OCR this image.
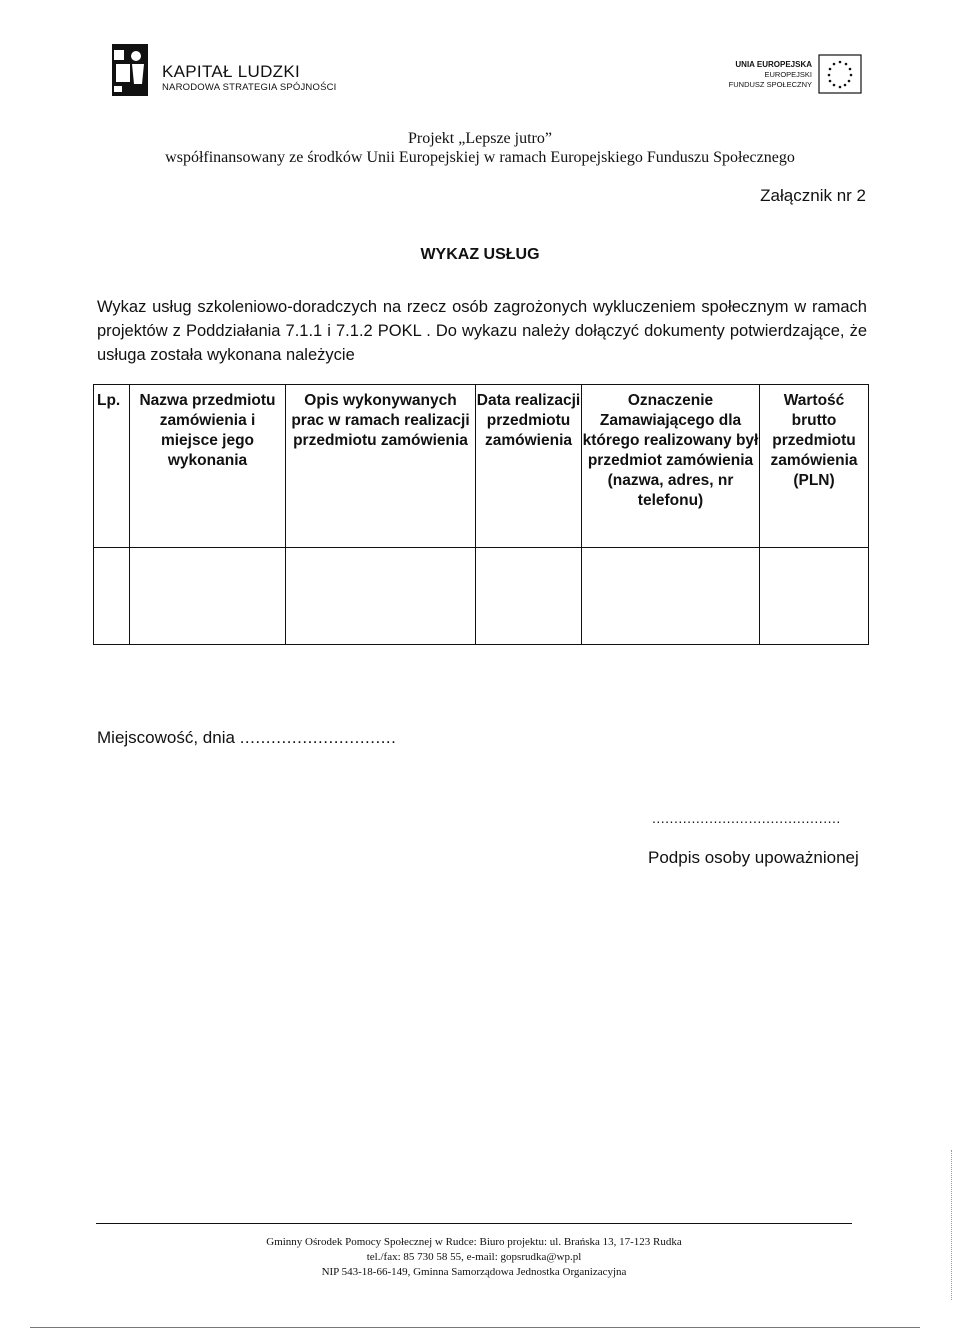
KAPITAŁ LUDZKI
NARODOWA STRATEGIA SPÓJNOŚCI
UNIA EUROPEJSKA
EUROPEJSKI
FUNDUSZ SPOŁECZNY
Projekt „Lepsze jutro”
współfinansowany ze środków Unii Europejskiej w ramach Europejskiego Funduszu Społecznego
Załącznik nr 2
WYKAZ USŁUG
Wykaz usług szkoleniowo-doradczych na rzecz osób zagrożonych wykluczeniem społecznym w ramach projektów z Poddziałania 7.1.1 i 7.1.2 POKL . Do wykazu należy dołączyć dokumenty potwierdzające, że usługa została wykonana należycie
Lp.	Nazwa przedmiotu zamówienia i miejsce jego wykonania	Opis wykonywanych prac w ramach realizacji przedmiotu zamówienia	Data realizacji przedmiotu zamówienia	Oznaczenie Zamawiającego dla którego realizowany był przedmiot zamówienia (nazwa, adres, nr telefonu)	Wartość brutto przedmiotu zamówienia (PLN)

Miejscowość, dnia ..............................
...........................................
Podpis osoby upoważnionej
Gminny Ośrodek Pomocy Społecznej w Rudce: Biuro projektu: ul. Brańska 13, 17-123 Rudka
tel./fax: 85 730 58 55, e-mail: gopsrudka@wp.pl
NIP 543-18-66-149, Gminna Samorządowa Jednostka Organizacyjna
